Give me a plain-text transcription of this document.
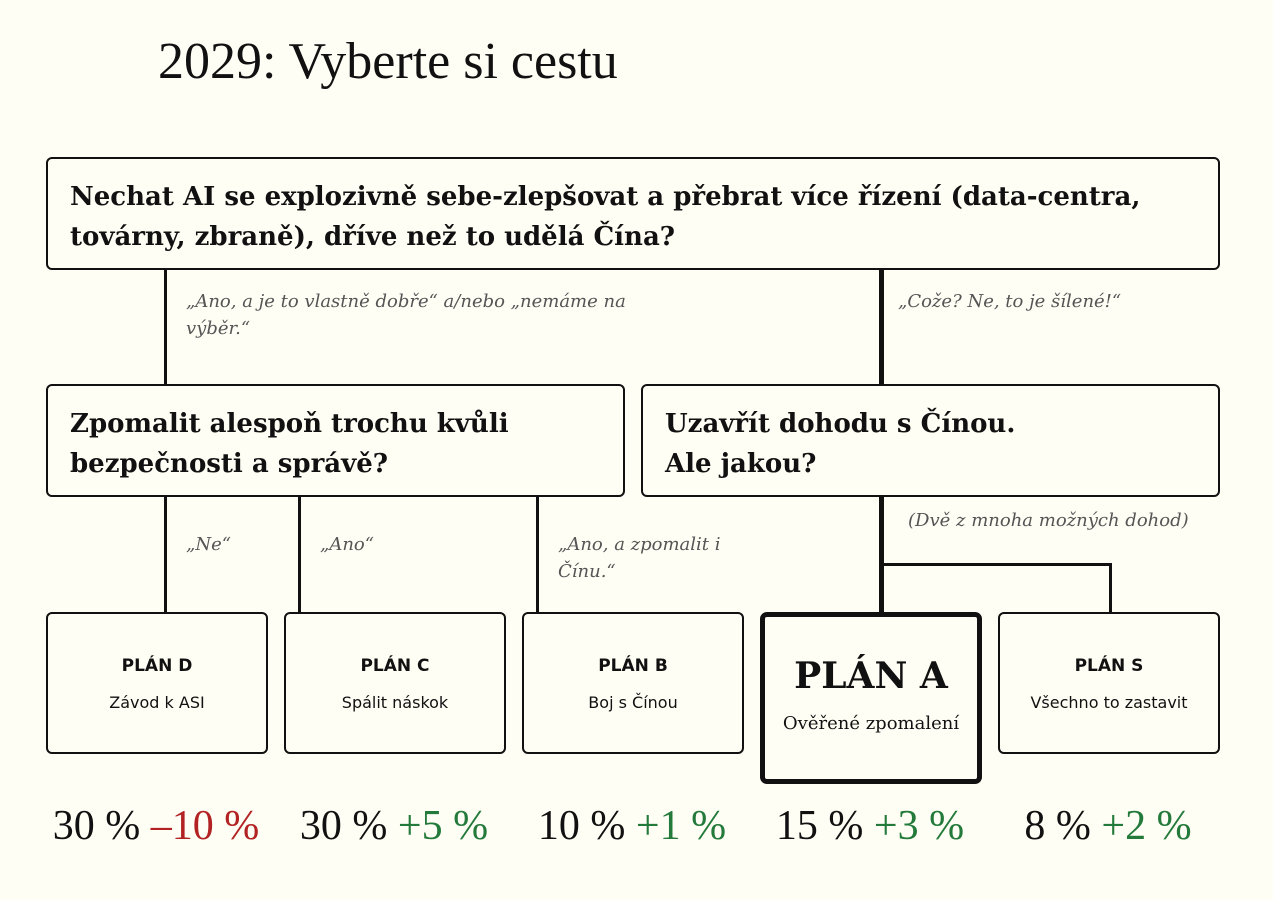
2029: Vyberte si cestu
Nechat AI se explozivně sebe-zlepšovat a přebrat více řízení (data-centra, továrny, zbraně), dříve než to udělá Čína?
Zpomalit alespoň trochu kvůli bezpečnosti a správě?
Uzavřít dohodu s Čínou.
Ale jakou?
„Ano, a je to vlastně dobře“ a/nebo „nemáme na výběr.“
„Cože? Ne, to je šílené!“
„Ne“	„Ano“	„Ano, a zpomalit i Čínu.“
(Dvě z mnoha možných dohod)
PLÁN D
Závod k ASI
PLÁN C
Spálit náskok
PLÁN B
Boj s Čínou
PLÁN A
Ověřené zpomalení
PLÁN S
Všechno to zastavit
30 % –10 % 30 % +5 %	10 % +1 %	15 % +3 %	8 % +2 %
